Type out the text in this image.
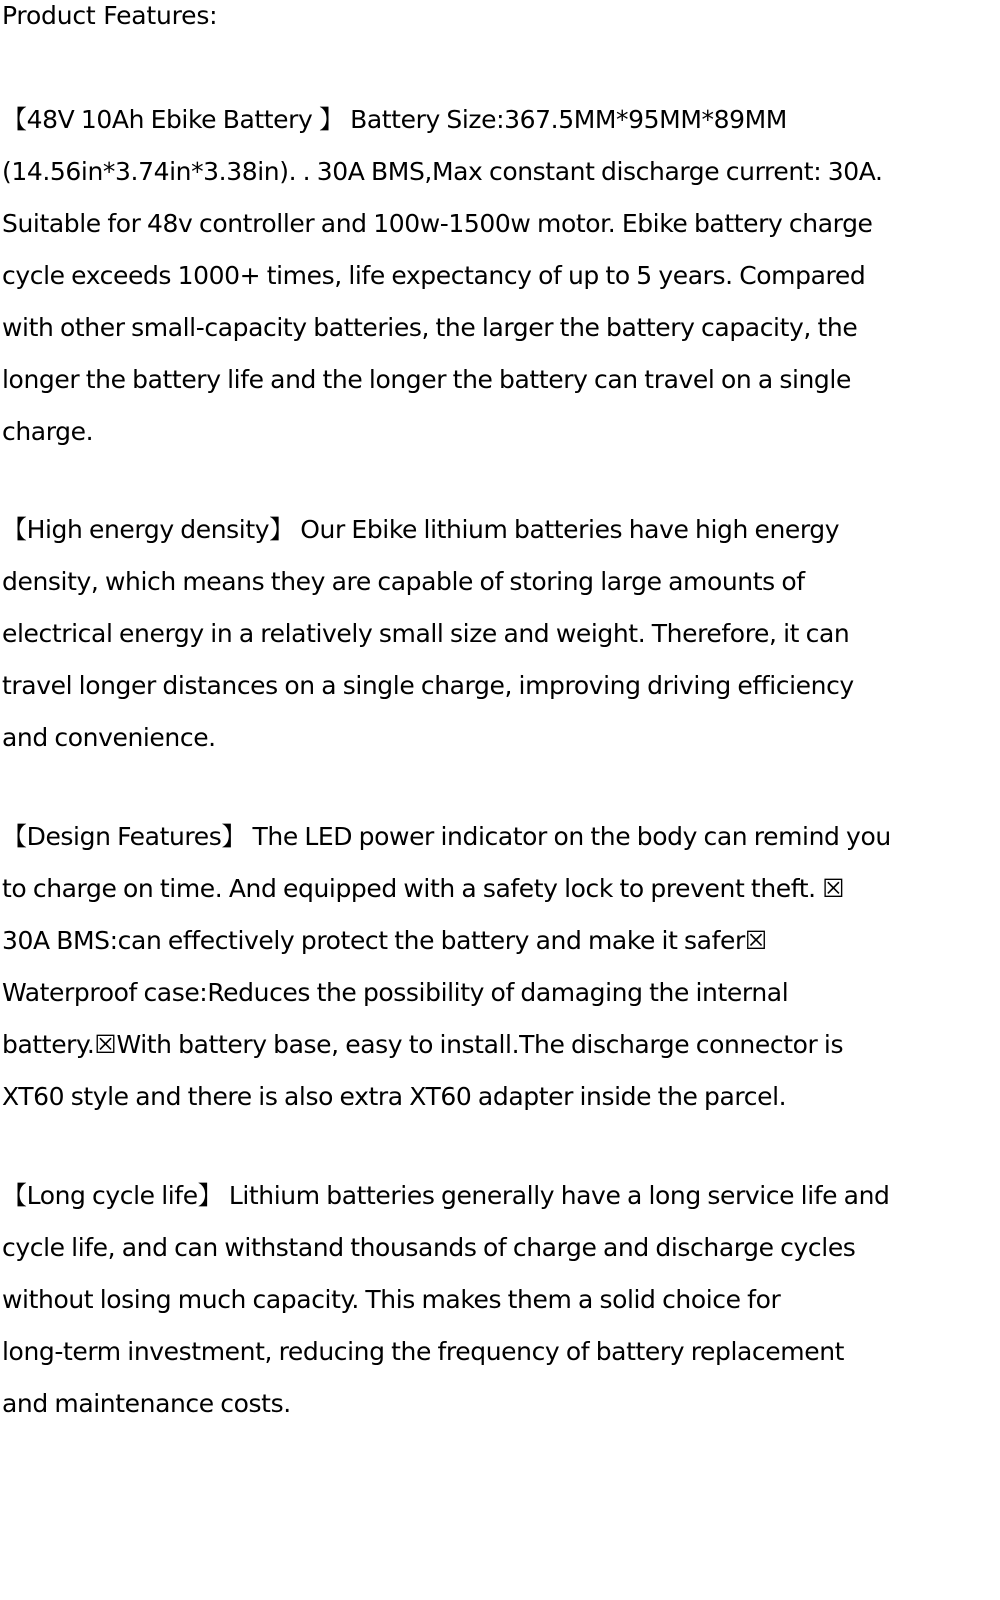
Product Features:
【48V 10Ah Ebike Battery 】 Battery Size:367.5MM*95MM*89MM
(14.56in*3.74in*3.38in). . 30A BMS,Max constant discharge current: 30A.
Suitable for 48v controller and 100w-1500w motor. Ebike battery charge
cycle exceeds 1000+ times, life expectancy of up to 5 years. Compared
with other small-capacity batteries, the larger the battery capacity, the
longer the battery life and the longer the battery can travel on a single
charge.
【High energy density】 Our Ebike lithium batteries have high energy
density, which means they are capable of storing large amounts of
electrical energy in a relatively small size and weight. Therefore, it can
travel longer distances on a single charge, improving driving efficiency
and convenience.
【Design Features】 The LED power indicator on the body can remind you
to charge on time. And equipped with a safety lock to prevent theft. ☒
30A BMS:can effectively protect the battery and make it safer☒
Waterproof case:Reduces the possibility of damaging the internal
battery.☒With battery base, easy to install.The discharge connector is
XT60 style and there is also extra XT60 adapter inside the parcel.
【Long cycle life】 Lithium batteries generally have a long service life and
cycle life, and can withstand thousands of charge and discharge cycles
without losing much capacity. This makes them a solid choice for
long-term investment, reducing the frequency of battery replacement
and maintenance costs.
